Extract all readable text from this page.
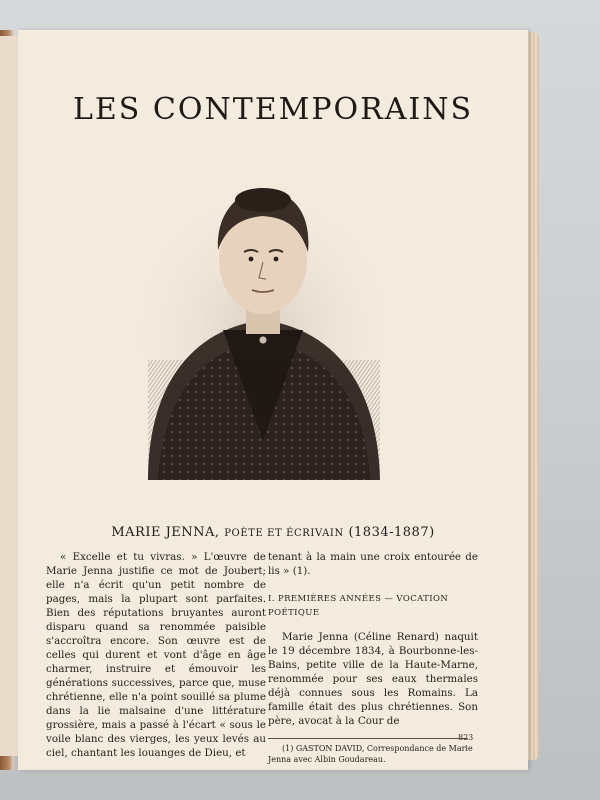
LES CONTEMPORAINS
MARIE JENNA, POÈTE ET ÉCRIVAIN (1834-1887)

« Excelle et tu vivras. » L'œuvre de Marie Jenna justifie ce mot de Joubert; elle n'a écrit qu'un petit nombre de pages, mais la plupart sont parfaites. Bien des réputations bruyantes auront disparu quand sa renommée paisible s'accroîtra encore. Son œuvre est de celles qui durent et vont d'âge en âge charmer, instruire et émouvoir les générations successives, parce que, muse chrétienne, elle n'a point souillé sa plume dans la lie malsaine d'une littérature grossière, mais a passé à l'écart « sous le voile blanc des vierges, les yeux levés au ciel, chantant les louanges de Dieu, et

tenant à la main une croix entourée de lis » (1).

I. PREMIÈRES ANNÉES — VOCATION POÉTIQUE

Marie Jenna (Céline Renard) naquit le 19 décembre 1834, à Bourbonne-les-Bains, petite ville de la Haute-Marne, renommée pour ses eaux thermales déjà connues sous les Romains. La famille était des plus chrétiennes. Son père, avocat à la Cour de

(1) GASTON DAVID, Correspondance de Marie Jenna avec Albin Goudareau.

823
